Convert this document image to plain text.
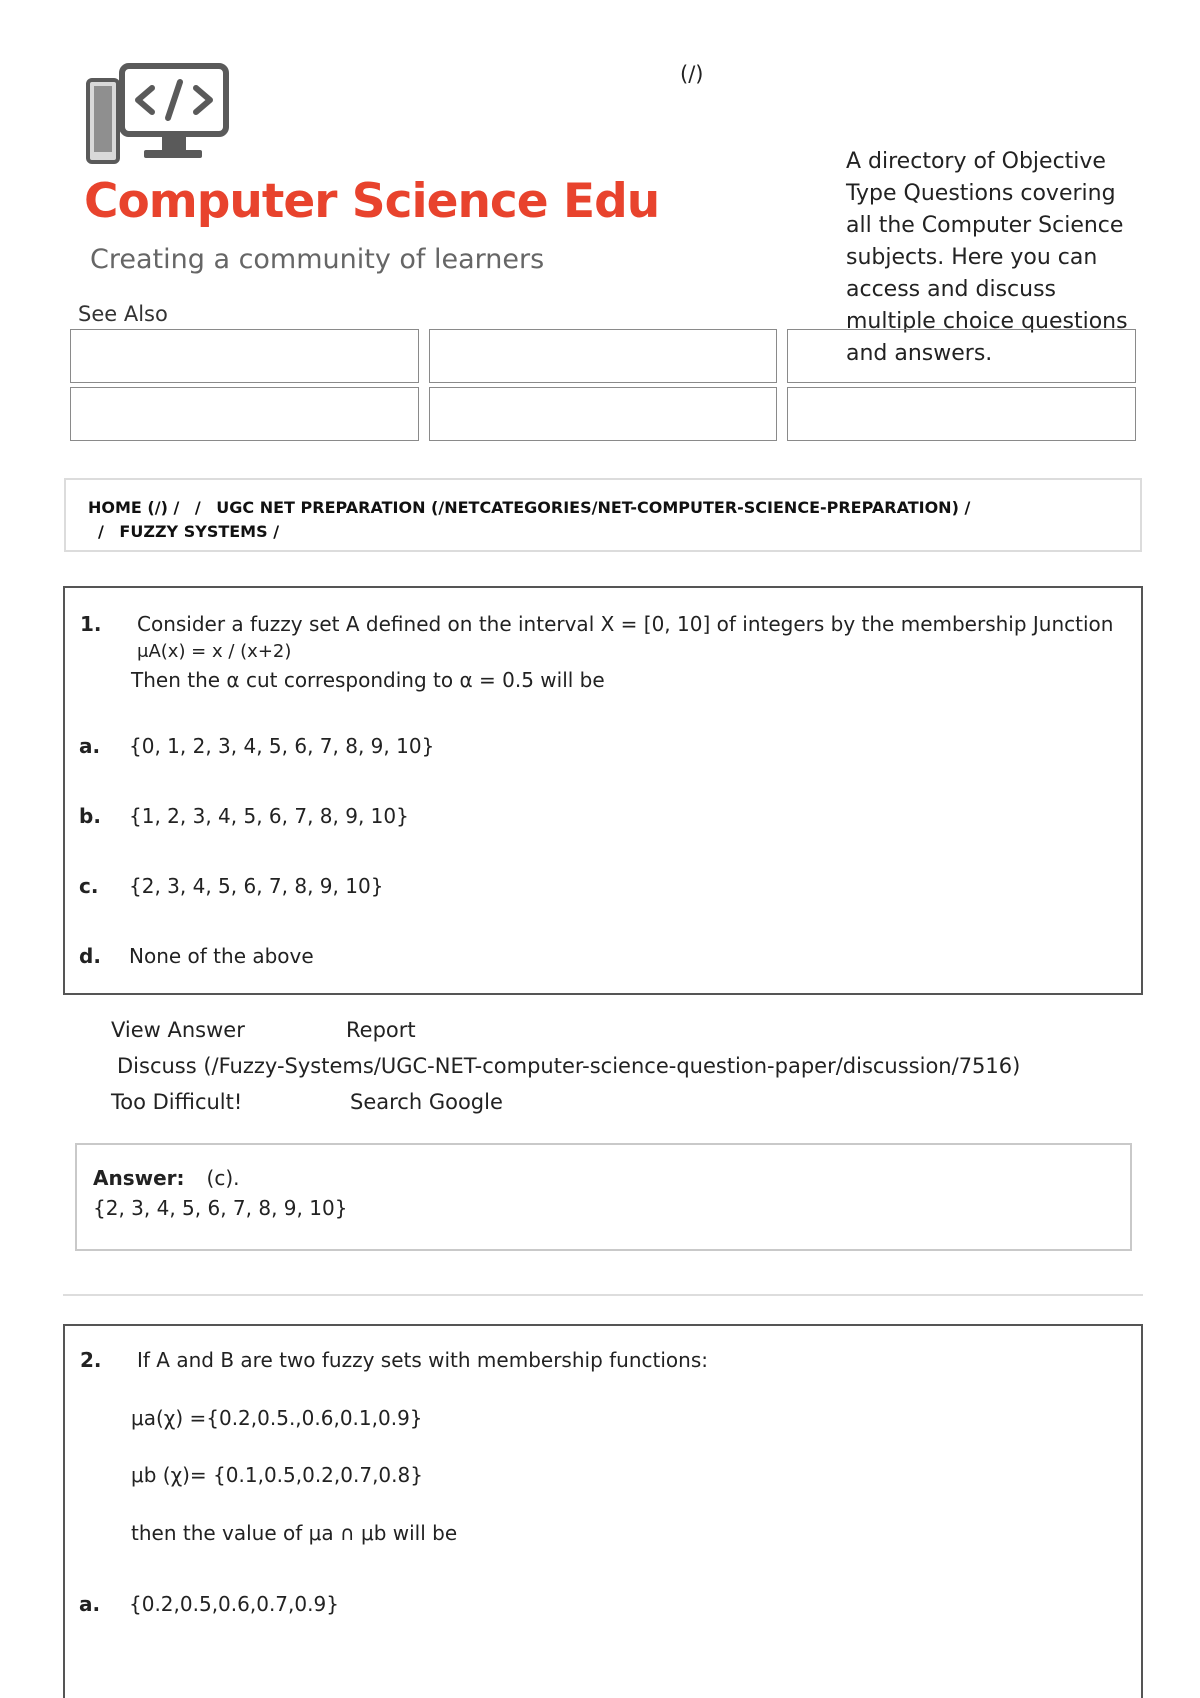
Computer Science Edu
Creating a community of learners
(/)
A directory of Objective Type Questions covering all the Computer Science subjects. Here you can access and discuss multiple choice questions and answers.
See Also
HOME (/) / / UGC NET PREPARATION (/NETCATEGORIES/NET-COMPUTER-SCIENCE-PREPARATION) /
/ FUZZY SYSTEMS /
1. Consider a fuzzy set A defined on the interval X = [0, 10] of integers by the membership Junction
μA(x) = x / (x+2)
Then the α cut corresponding to α = 0.5 will be
a. {0, 1, 2, 3, 4, 5, 6, 7, 8, 9, 10}
b. {1, 2, 3, 4, 5, 6, 7, 8, 9, 10}
c. {2, 3, 4, 5, 6, 7, 8, 9, 10}
d. None of the above
View Answer	Report
Discuss (/Fuzzy-Systems/UGC-NET-computer-science-question-paper/discussion/7516)
Too Difficult!	Search Google
Answer: (c).
{2, 3, 4, 5, 6, 7, 8, 9, 10}
2. If A and B are two fuzzy sets with membership functions:
μa(χ) ={0.2,0.5.,0.6,0.1,0.9}
μb (χ)= {0.1,0.5,0.2,0.7,0.8}
then the value of μa ∩ μb will be
a. {0.2,0.5,0.6,0.7,0.9}
